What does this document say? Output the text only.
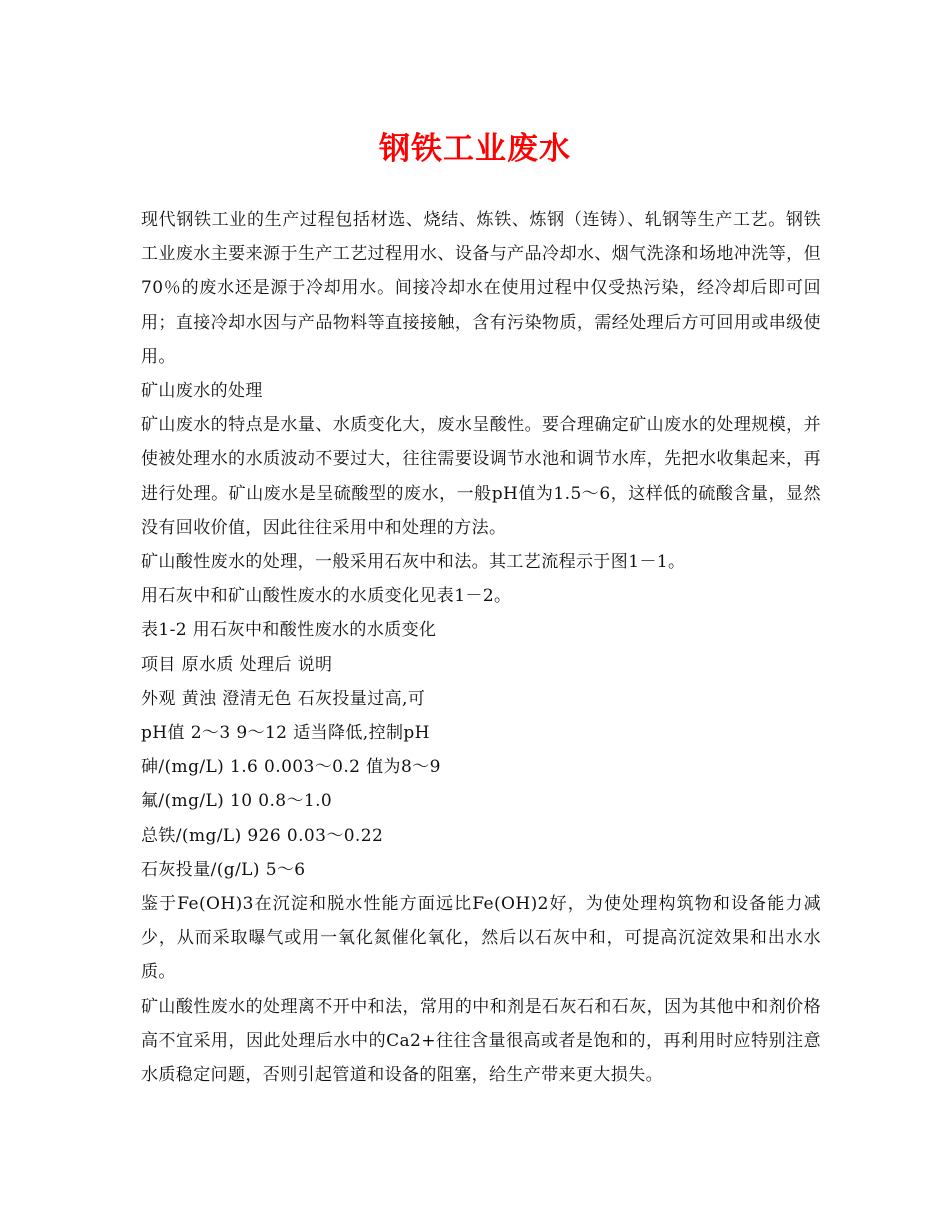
钢铁工业废水

现代钢铁工业的生产过程包括材选、烧结、炼铁、炼钢（连铸）、轧钢等生产工艺。钢铁工业废水主要来源于生产工艺过程用水、设备与产品冷却水、烟气洗涤和场地冲洗等，但70％的废水还是源于冷却用水。间接冷却水在使用过程中仅受热污染，经冷却后即可回用；直接冷却水因与产品物料等直接接触，含有污染物质，需经处理后方可回用或串级使用。

矿山废水的处理

矿山废水的特点是水量、水质变化大，废水呈酸性。要合理确定矿山废水的处理规模，并使被处理水的水质波动不要过大，往往需要设调节水池和调节水库，先把水收集起来，再进行处理。矿山废水是呈硫酸型的废水，一般pH值为1.5～6，这样低的硫酸含量，显然没有回收价值，因此往往采用中和处理的方法。

矿山酸性废水的处理，一般采用石灰中和法。其工艺流程示于图1－1。

用石灰中和矿山酸性废水的水质变化见表1－2。

表1-2 用石灰中和酸性废水的水质变化

项目 原水质 处理后 说明

外观 黄浊 澄清无色 石灰投量过高,可

pH值 2～3 9～12 适当降低,控制pH

砷/(mg/L) 1.6 0.003～0.2 值为8～9

氟/(mg/L) 10 0.8～1.0

总铁/(mg/L) 926 0.03～0.22

石灰投量/(g/L) 5～6

鉴于Fe(OH)3在沉淀和脱水性能方面远比Fe(OH)2好，为使处理构筑物和设备能力减少，从而采取曝气或用一氧化氮催化氧化，然后以石灰中和，可提高沉淀效果和出水水质。

矿山酸性废水的处理离不开中和法，常用的中和剂是石灰石和石灰，因为其他中和剂价格高不宜采用，因此处理后水中的Ca2+往往含量很高或者是饱和的，再利用时应特别注意水质稳定问题，否则引起管道和设备的阻塞，给生产带来更大损失。
